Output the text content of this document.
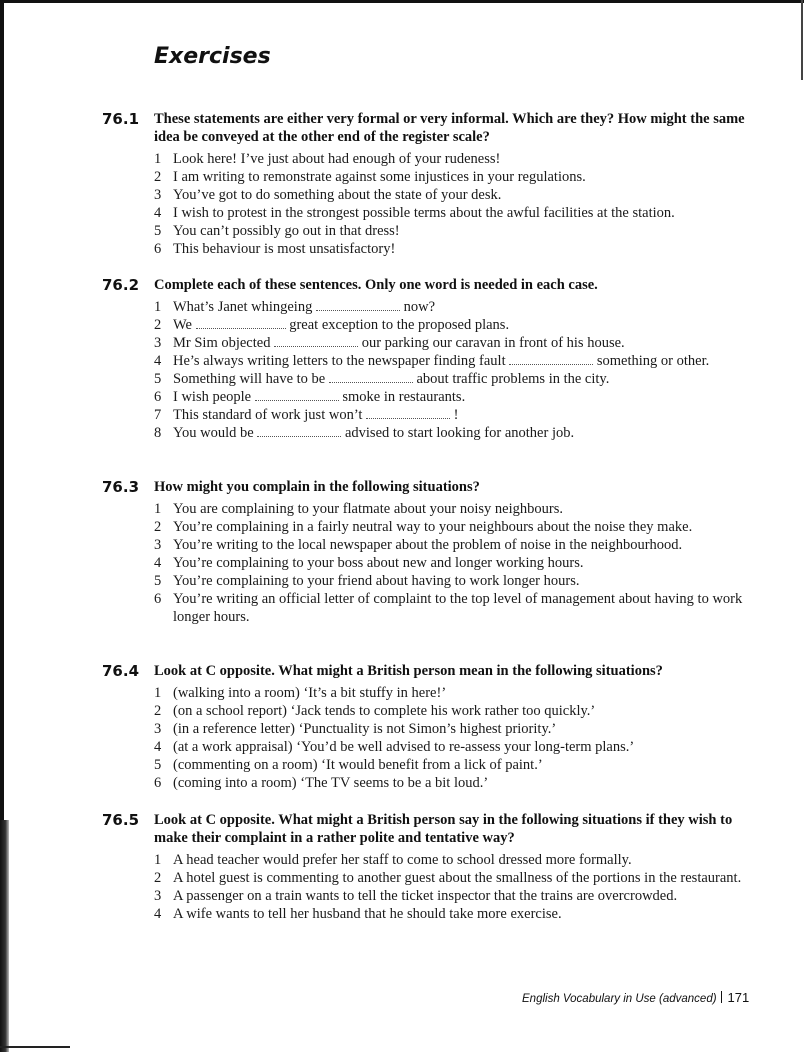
Exercises
76.1 These statements are either very formal or very informal. Which are they? How might the same idea be conveyed at the other end of the register scale?
1 Look here! I’ve just about had enough of your rudeness!
2 I am writing to remonstrate against some injustices in your regulations.
3 You’ve got to do something about the state of your desk.
4 I wish to protest in the strongest possible terms about the awful facilities at the station.
5 You can’t possibly go out in that dress!
6 This behaviour is most unsatisfactory!
76.2 Complete each of these sentences. Only one word is needed in each case.
1 What’s Janet whingeing	now?
2 We	great exception to the proposed plans.
3 Mr Sim objected	our parking our caravan in front of his house.
4 He’s always writing letters to the newspaper finding fault	something or other.
5 Something will have to be	about traffic problems in the city.
6 I wish people	smoke in restaurants.
7 This standard of work just won’t	!
8 You would be	advised to start looking for another job.
76.3 How might you complain in the following situations?
1 You are complaining to your flatmate about your noisy neighbours.
2 You’re complaining in a fairly neutral way to your neighbours about the noise they make.
3 You’re writing to the local newspaper about the problem of noise in the neighbourhood.
4 You’re complaining to your boss about new and longer working hours.
5 You’re complaining to your friend about having to work longer hours.
6 You’re writing an official letter of complaint to the top level of management about having to work longer hours.
76.4 Look at C opposite. What might a British person mean in the following situations?
1 (walking into a room) ‘It’s a bit stuffy in here!’
2 (on a school report) ‘Jack tends to complete his work rather too quickly.’
3 (in a reference letter) ‘Punctuality is not Simon’s highest priority.’
4 (at a work appraisal) ‘You’d be well advised to re-assess your long-term plans.’
5 (commenting on a room) ‘It would benefit from a lick of paint.’
6 (coming into a room) ‘The TV seems to be a bit loud.’
76.5 Look at C opposite. What might a British person say in the following situations if they wish to make their complaint in a rather polite and tentative way?
1 A head teacher would prefer her staff to come to school dressed more formally.
2 A hotel guest is commenting to another guest about the smallness of the portions in the restaurant.
3 A passenger on a train wants to tell the ticket inspector that the trains are overcrowded.
4 A wife wants to tell her husband that he should take more exercise.
English Vocabulary in Use (advanced) 171
